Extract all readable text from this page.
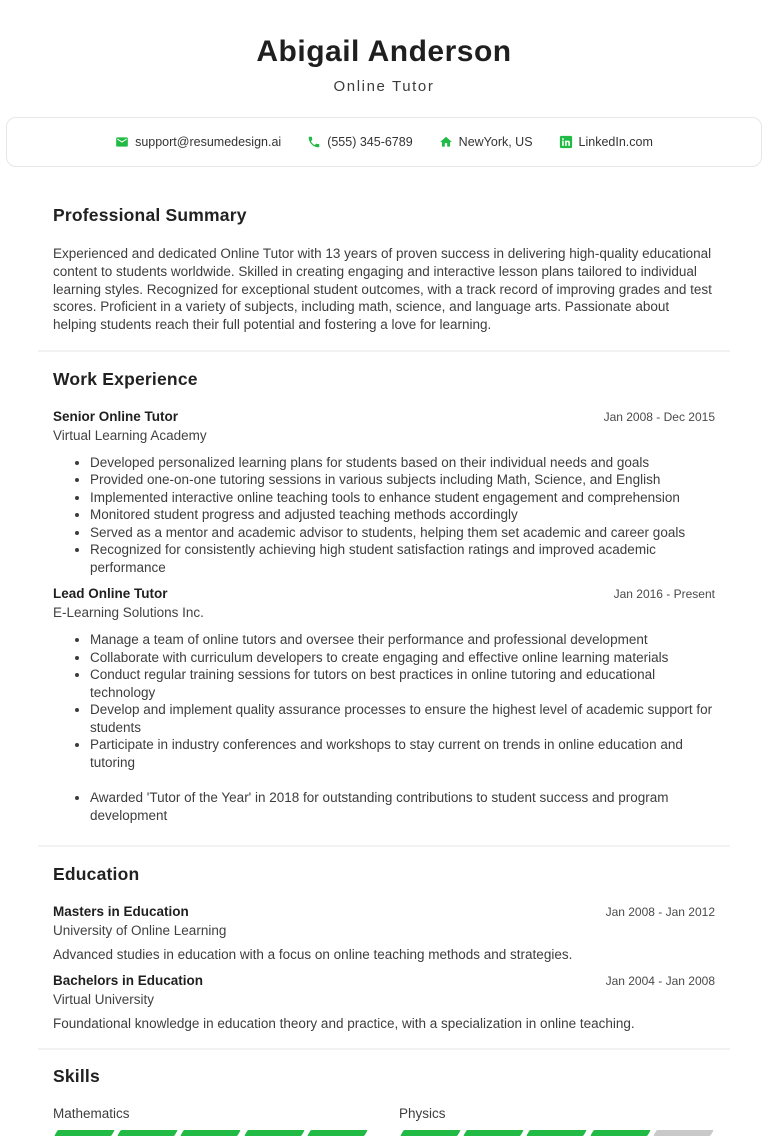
Abigail Anderson
Online Tutor
support@resumedesign.ai	(555) 345-6789	NewYork, US	LinkedIn.com
Professional Summary

Experienced and dedicated Online Tutor with 13 years of proven success in delivering high-quality educational content to students worldwide. Skilled in creating engaging and interactive lesson plans tailored to individual learning styles. Recognized for exceptional student outcomes, with a track record of improving grades and test scores. Proficient in a variety of subjects, including math, science, and language arts. Passionate about helping students reach their full potential and fostering a love for learning.

Work Experience
Senior Online Tutor	Jan 2008 - Dec 2015
Virtual Learning Academy
• Developed personalized learning plans for students based on their individual needs and goals
• Provided one-on-one tutoring sessions in various subjects including Math, Science, and English
• Implemented interactive online teaching tools to enhance student engagement and comprehension
• Monitored student progress and adjusted teaching methods accordingly
• Served as a mentor and academic advisor to students, helping them set academic and career goals
• Recognized for consistently achieving high student satisfaction ratings and improved academic performance
Lead Online Tutor	Jan 2016 - Present
E-Learning Solutions Inc.
• Manage a team of online tutors and oversee their performance and professional development
• Collaborate with curriculum developers to create engaging and effective online learning materials
• Conduct regular training sessions for tutors on best practices in online tutoring and educational technology
• Develop and implement quality assurance processes to ensure the highest level of academic support for students
• Participate in industry conferences and workshops to stay current on trends in online education and tutoring
• Awarded 'Tutor of the Year' in 2018 for outstanding contributions to student success and program development
Education
Masters in Education	Jan 2008 - Jan 2012
University of Online Learning
Advanced studies in education with a focus on online teaching methods and strategies.
Bachelors in Education	Jan 2004 - Jan 2008
Virtual University
Foundational knowledge in education theory and practice, with a specialization in online teaching.
Skills
Mathematics	Physics
